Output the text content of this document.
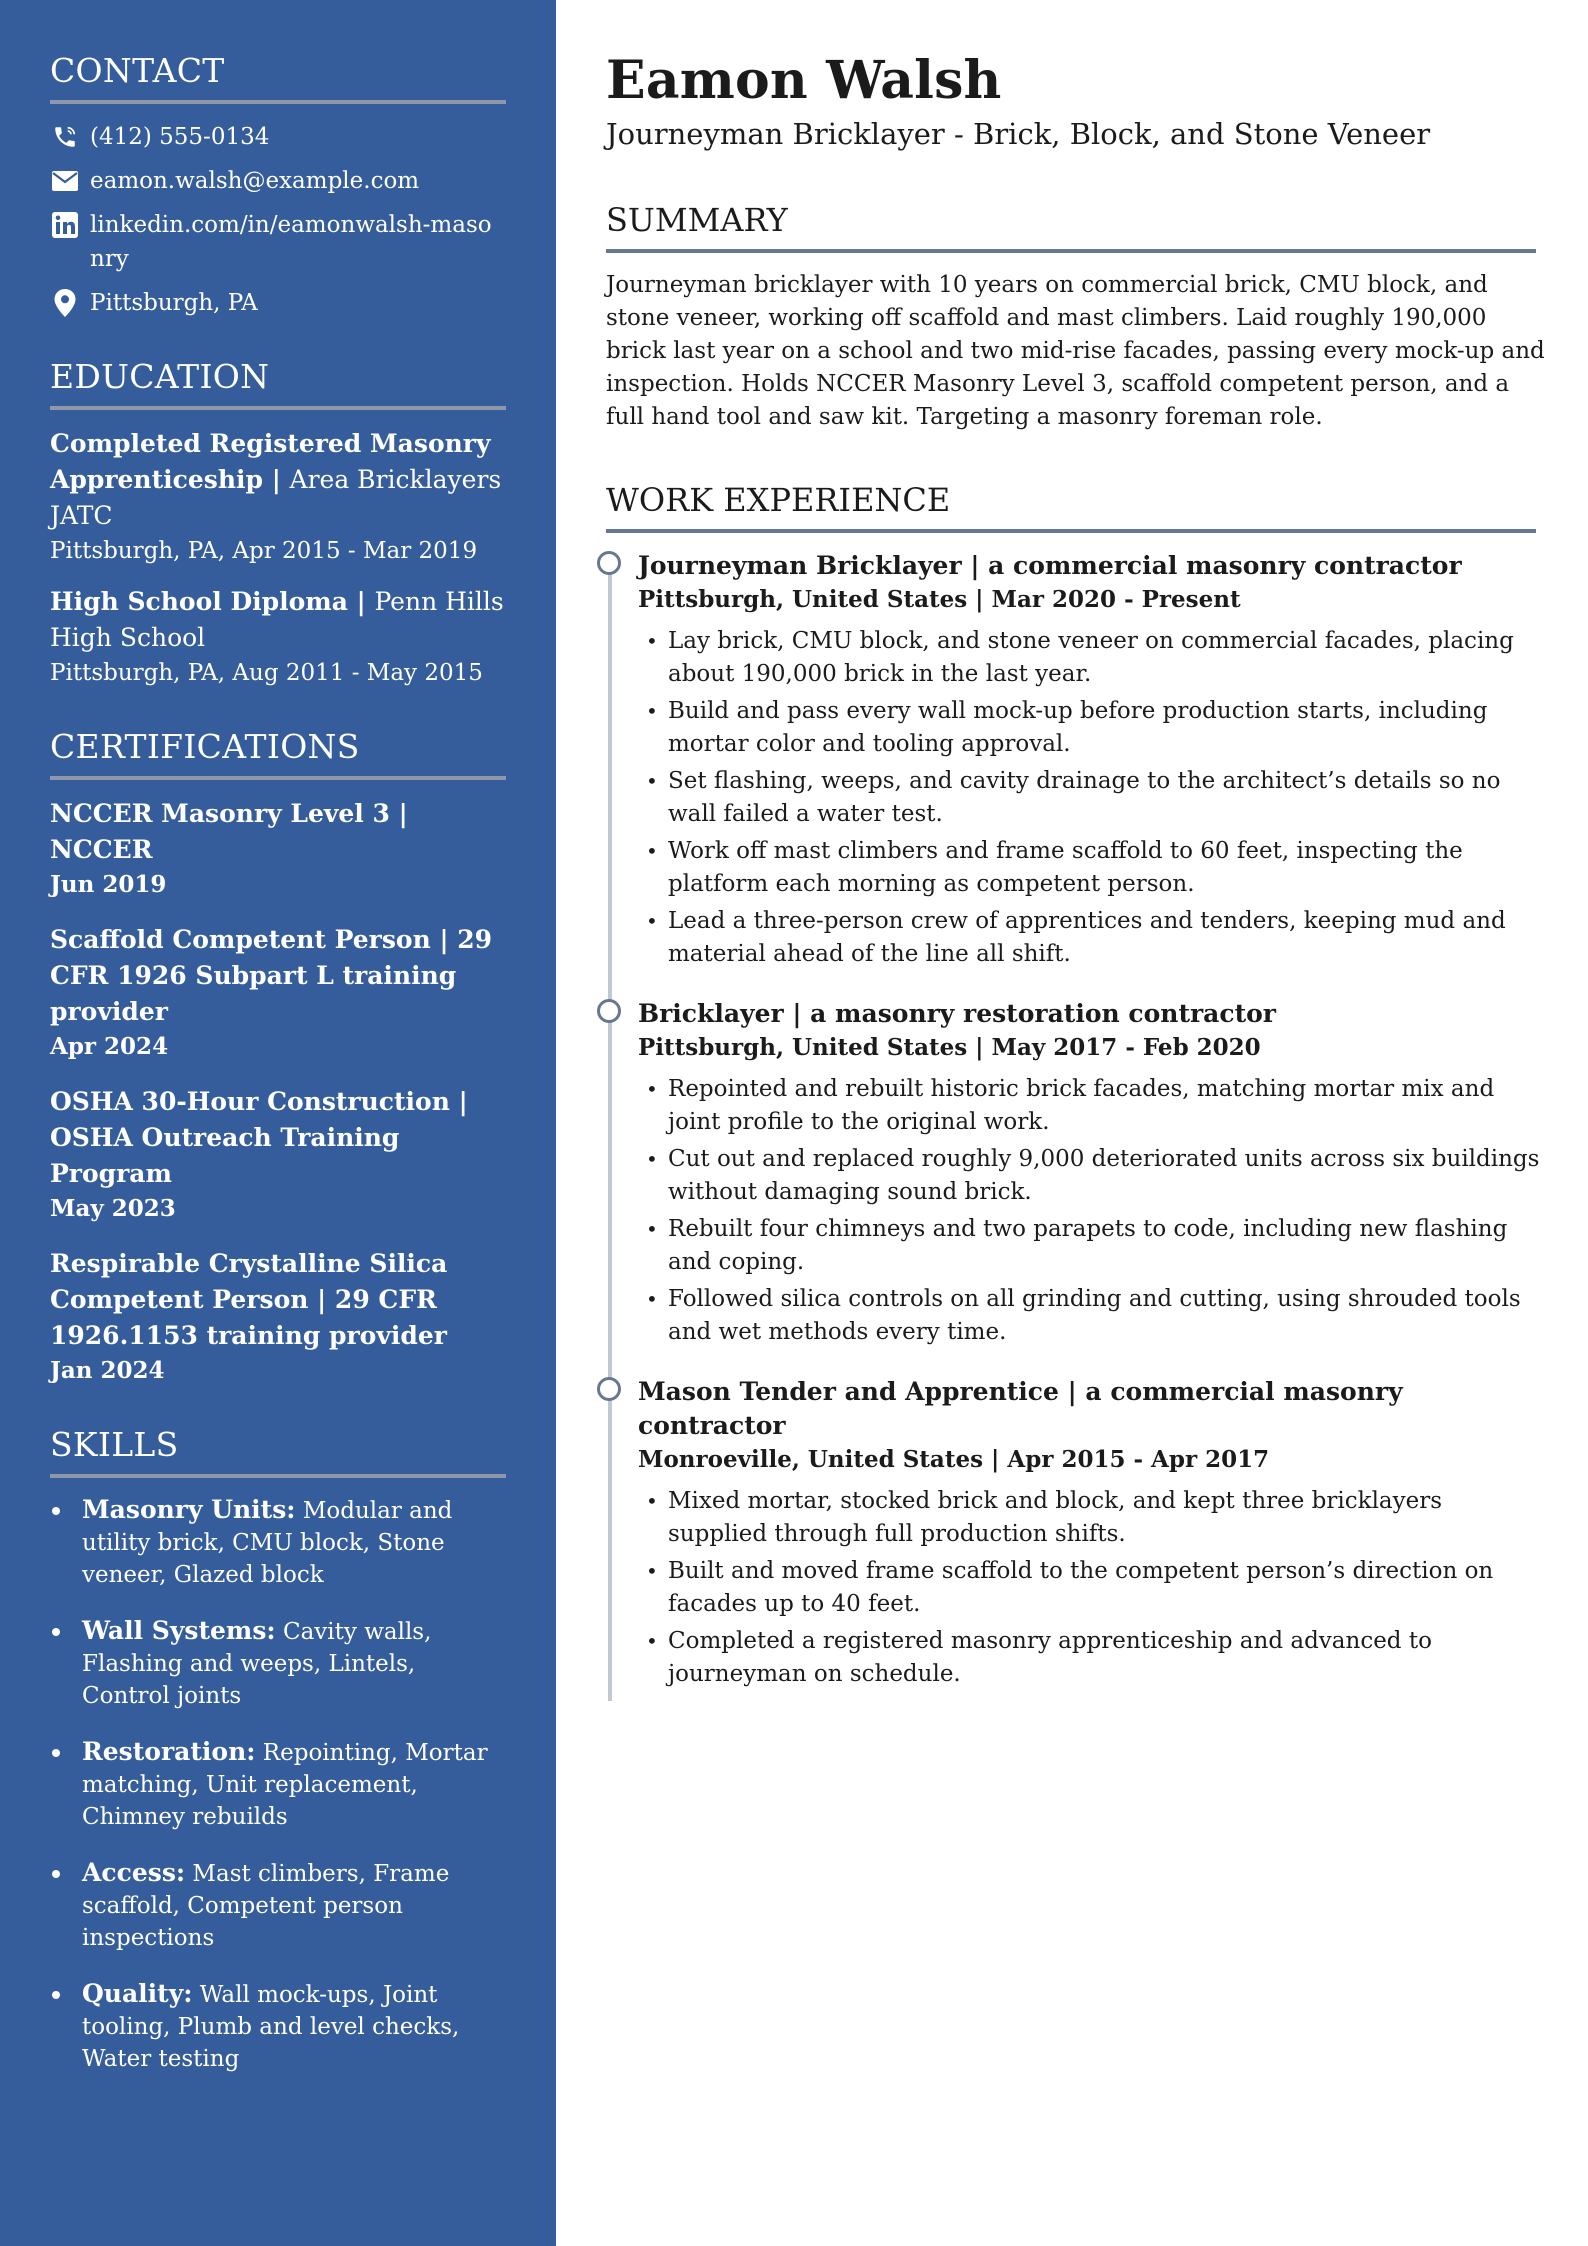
CONTACT
(412) 555-0134
eamon.walsh@example.com
linkedin.com/in/eamonwalsh-masonry
Pittsburgh, PA
EDUCATION
Completed Registered Masonry Apprenticeship | Area Bricklayers JATC
Pittsburgh, PA, Apr 2015 - Mar 2019
High School Diploma | Penn Hills High School
Pittsburgh, PA, Aug 2011 - May 2015
CERTIFICATIONS
NCCER Masonry Level 3 | NCCER
Jun 2019
Scaffold Competent Person | 29 CFR 1926 Subpart L training provider
Apr 2024
OSHA 30-Hour Construction | OSHA Outreach Training Program
May 2023
Respirable Crystalline Silica Competent Person | 29 CFR 1926.1153 training provider
Jan 2024
SKILLS
Masonry Units: Modular and utility brick, CMU block, Stone veneer, Glazed block
Wall Systems: Cavity walls, Flashing and weeps, Lintels, Control joints
Restoration: Repointing, Mortar matching, Unit replacement, Chimney rebuilds
Access: Mast climbers, Frame scaffold, Competent person inspections
Quality: Wall mock-ups, Joint tooling, Plumb and level checks, Water testing
Eamon Walsh
Journeyman Bricklayer - Brick, Block, and Stone Veneer
SUMMARY

Journeyman bricklayer with 10 years on commercial brick, CMU block, and stone veneer, working off scaffold and mast climbers. Laid roughly 190,000 brick last year on a school and two mid-rise facades, passing every mock-up and inspection. Holds NCCER Masonry Level 3, scaffold competent person, and a full hand tool and saw kit. Targeting a masonry foreman role.

WORK EXPERIENCE
Journeyman Bricklayer | a commercial masonry contractor
Pittsburgh, United States | Mar 2020 - Present
• Lay brick, CMU block, and stone veneer on commercial facades, placing about 190,000 brick in the last year.
• Build and pass every wall mock-up before production starts, including mortar color and tooling approval.
• Set flashing, weeps, and cavity drainage to the architect’s details so no wall failed a water test.
• Work off mast climbers and frame scaffold to 60 feet, inspecting the platform each morning as competent person.
• Lead a three-person crew of apprentices and tenders, keeping mud and material ahead of the line all shift.
Bricklayer | a masonry restoration contractor
Pittsburgh, United States | May 2017 - Feb 2020
• Repointed and rebuilt historic brick facades, matching mortar mix and joint profile to the original work.
• Cut out and replaced roughly 9,000 deteriorated units across six buildings without damaging sound brick.
• Rebuilt four chimneys and two parapets to code, including new flashing and coping.
• Followed silica controls on all grinding and cutting, using shrouded tools and wet methods every time.
Mason Tender and Apprentice | a commercial masonry contractor
Monroeville, United States | Apr 2015 - Apr 2017
• Mixed mortar, stocked brick and block, and kept three bricklayers supplied through full production shifts.
• Built and moved frame scaffold to the competent person’s direction on facades up to 40 feet.
• Completed a registered masonry apprenticeship and advanced to journeyman on schedule.
